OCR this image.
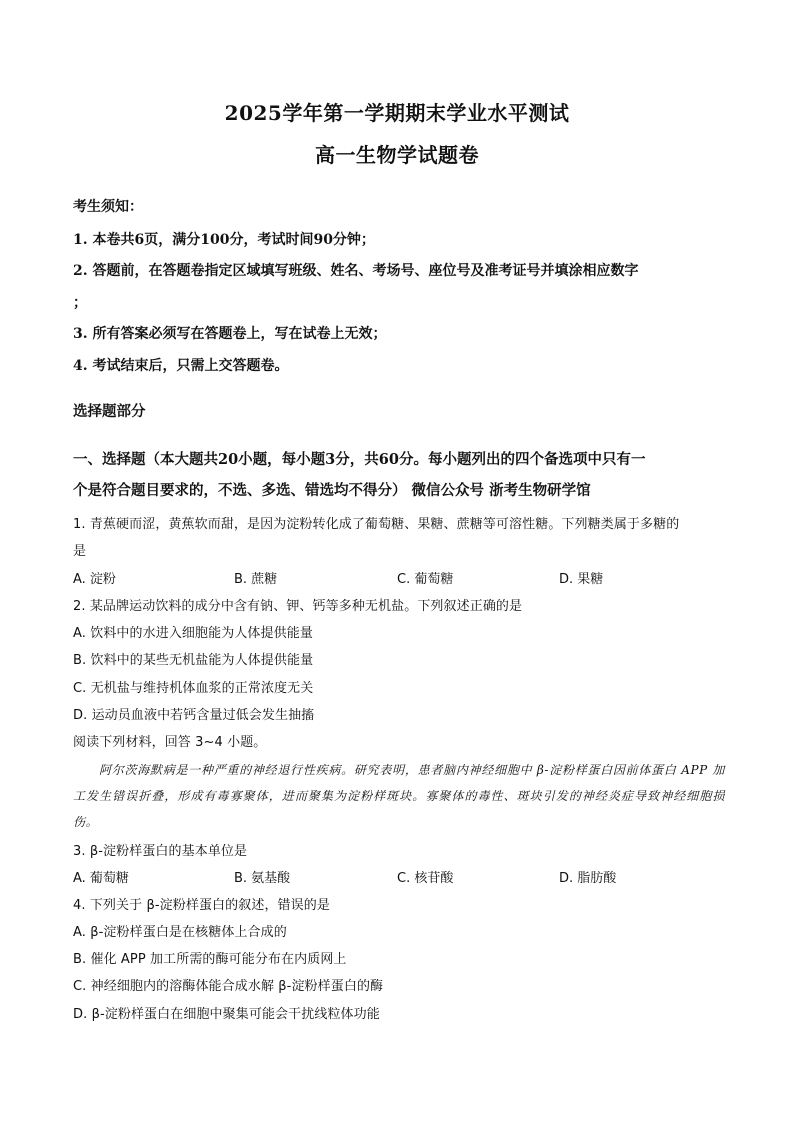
2025学年第一学期期末学业水平测试
高一生物学试题卷
考生须知：
1. 本卷共6页，满分100分，考试时间90分钟；
2. 答题前，在答题卷指定区域填写班级、姓名、考场号、座位号及准考证号并填涂相应数字
；
3. 所有答案必须写在答题卷上，写在试卷上无效；
4. 考试结束后，只需上交答题卷。
选择题部分
一、选择题（本大题共20小题，每小题3分，共60分。每小题列出的四个备选项中只有一
个是符合题目要求的，不选、多选、错选均不得分） 微信公众号 浙考生物研学馆
1. 青蕉硬而涩，黄蕉软而甜，是因为淀粉转化成了葡萄糖、果糖、蔗糖等可溶性糖。下列糖类属于多糖的
是
A. 淀粉	B. 蔗糖	C. 葡萄糖	D. 果糖
2. 某品牌运动饮料的成分中含有钠、钾、钙等多种无机盐。下列叙述正确的是
A. 饮料中的水进入细胞能为人体提供能量
B. 饮料中的某些无机盐能为人体提供能量
C. 无机盐与维持机体血浆的正常浓度无关
D. 运动员血液中若钙含量过低会发生抽搐
阅读下列材料，回答 3~4 小题。
阿尔茨海默病是一种严重的神经退行性疾病。研究表明，患者脑内神经细胞中 β-淀粉样蛋白因前体蛋白 APP 加工发生错误折叠，形成有毒寡聚体，进而聚集为淀粉样斑块。寡聚体的毒性、斑块引发的神经炎症导致神经细胞损伤。
3. β-淀粉样蛋白的基本单位是
A. 葡萄糖	B. 氨基酸	C. 核苷酸	D. 脂肪酸
4. 下列关于 β-淀粉样蛋白的叙述，错误的是
A. β-淀粉样蛋白是在核糖体上合成的
B. 催化 APP 加工所需的酶可能分布在内质网上
C. 神经细胞内的溶酶体能合成水解 β-淀粉样蛋白的酶
D. β-淀粉样蛋白在细胞中聚集可能会干扰线粒体功能
